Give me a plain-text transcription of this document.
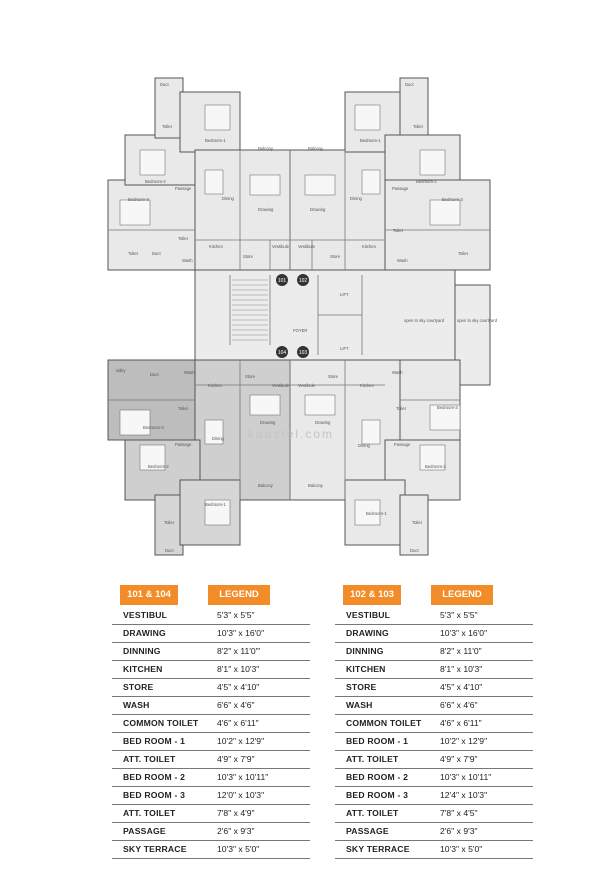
LIFT
LIFT
FOYER
open to sky courtyard	open to sky courtyard
101	102
103
104
Duct	Duct
Toilet	Toilet
Bedroom-1	Bedroom-1
Balcony	Balcony
Bedroom-2	Bedroom-2
Passage	Passage
Dining	Dining
Bedroom-3	Bedroom-3
Drawing	Drawing
Toilet
Toilet
Kitchen	Kitchen
Vestibule Vestibule
Toilet	Toilet
Duct
Wash	Wash
Store	Store
utility
Duct	Wash	Wash
Store	Store
Kitchen	Kitchen
Vestibule Vestibule
Toilet	Toilet	Bedroom-3
Drawing	Drawing
Bedroom-3
Dining
Dining
Passage	Passage
Bedroom-2	Bedroom-2
Balcony	Balcony
Bedroom-1
Bedroom-1
Toilet	Toilet
Duct	Duct
kaastel.com
101 & 104	LEGEND
VESTIBUL	5'3" x 5'5"
DRAWING	10'3" x 16'0"
DINNING	8'2" x 11'0"'
KITCHEN	8'1" x 10'3"
STORE	4'5" x 4'10"
WASH	6'6" x 4'6"
COMMON TOILET 4'6" x 6'11"
BED ROOM - 1	10'2" x 12'9"
ATT. TOILET	4'9" x 7'9"
BED ROOM - 2	10'3" x 10'11"
BED ROOM - 3	12'0" x 10'3"
ATT. TOILET	7'8" x 4'9"
PASSAGE	2'6" x 9'3"
SKY TERRACE	10'3" x 5'0"
102 & 103	LEGEND
VESTIBUL	5'3" x 5'5"
DRAWING	10'3" x 16'0"
DINNING	8'2" x 11'0"
KITCHEN	8'1" x 10'3"
STORE	4'5" x 4'10"
WASH	6'6" x 4'6"
COMMON TOILET 4'6" x 6'11"
BED ROOM - 1	10'2" x 12'9"
ATT. TOILET	4'9" x 7'9"
BED ROOM - 2	10'3" x 10'11"
BED ROOM - 3	12'4" x 10'3"
ATT. TOILET	7'8" x 4'5"
PASSAGE	2'6" x 9'3"
SKY TERRACE	10'3" x 5'0"
